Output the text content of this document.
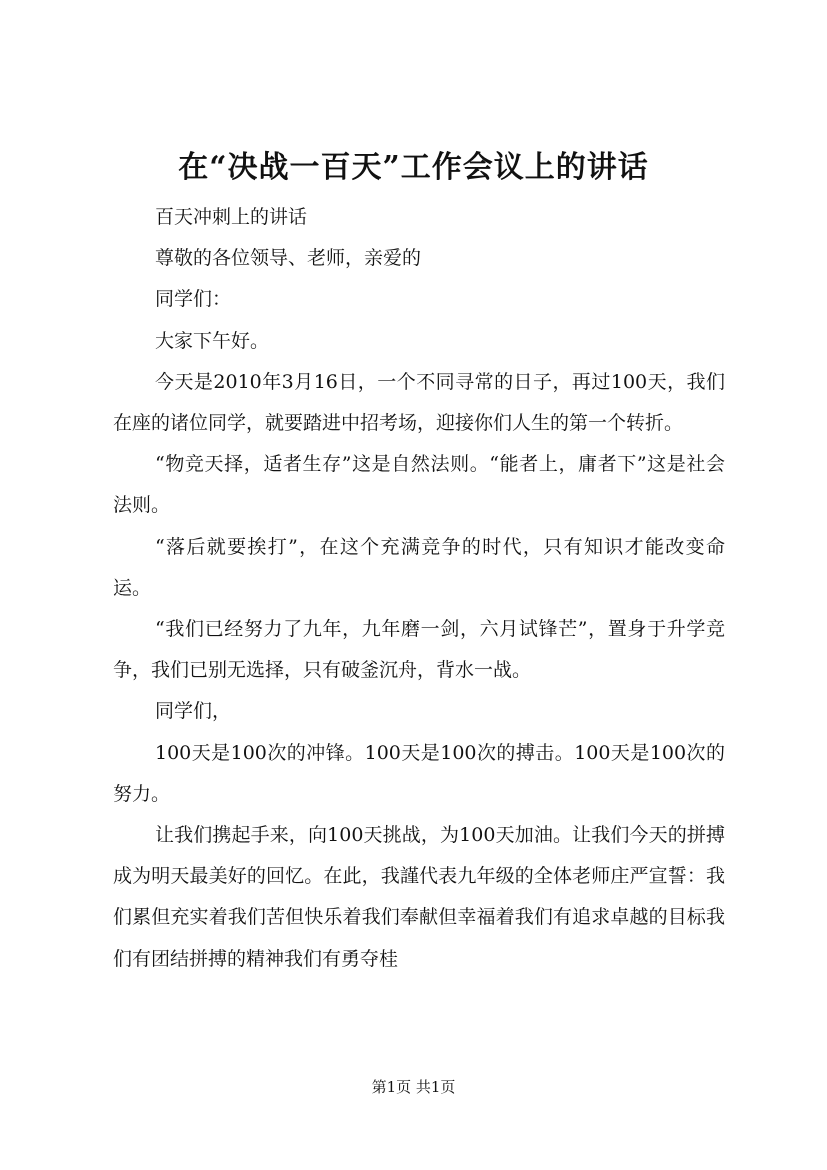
在“决战一百天”工作会议上的讲话

百天冲刺上的讲话

尊敬的各位领导、老师，亲爱的

同学们：

大家下午好。

今天是2010年3月16日，一个不同寻常的日子，再过100天，我们在座的诸位同学，就要踏进中招考场，迎接你们人生的第一个转折。

“物竞天择，适者生存”这是自然法则。“能者上，庸者下”这是社会法则。

“落后就要挨打”，在这个充满竞争的时代，只有知识才能改变命运。

“我们已经努力了九年，九年磨一剑，六月试锋芒”，置身于升学竞争，我们已别无选择，只有破釜沉舟，背水一战。

同学们，

100天是100次的冲锋。100天是100次的搏击。100天是100次的努力。

让我们携起手来，向100天挑战，为100天加油。让我们今天的拼搏成为明天最美好的回忆。在此，我謹代表九年级的全体老师庄严宣誓：我们累但充实着我们苦但快乐着我们奉献但幸福着我们有追求卓越的目标我们有团结拼搏的精神我们有勇夺桂

第1页 共1页
